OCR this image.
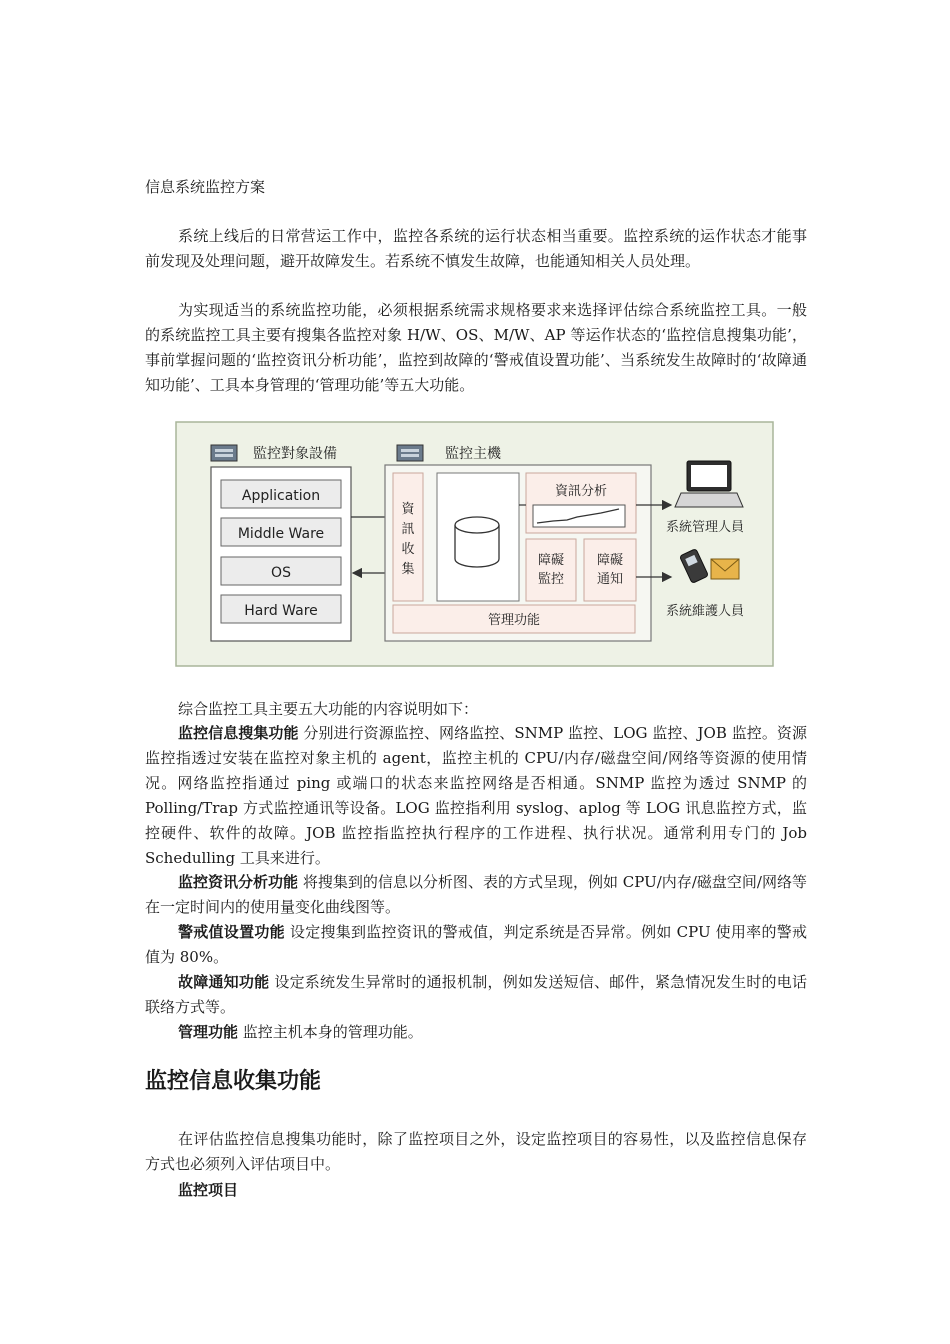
信息系统监控方案

系统上线后的日常营运工作中，监控各系统的运行状态相当重要。监控系统的运作状态才能事前发现及处理问题，避开故障发生。若系统不慎发生故障，也能通知相关人员处理。

为实现适当的系统监控功能，必须根据系统需求规格要求来选择评估综合系统监控工具。一般的系统监控工具主要有搜集各监控对象 H/W、OS、M/W、AP 等运作状态的‘监控信息搜集功能’，事前掌握问题的‘监控资讯分析功能’，监控到故障的‘警戒值设置功能’、当系统发生故障时的‘故障通知功能’、工具本身管理的‘管理功能’等五大功能。

综合监控工具主要五大功能的内容说明如下：

监控信息搜集功能 分别进行资源监控、网络监控、SNMP 监控、LOG 监控、JOB 监控。资源监控指透过安装在监控对象主机的 agent，监控主机的 CPU/内存/磁盘空间/网络等资源的使用情况。网络监控指通过 ping 或端口的状态来监控网络是否相通。SNMP 监控为透过 SNMP 的 Polling/Trap 方式监控通讯等设备。LOG 监控指利用 syslog、aplog 等 LOG 讯息监控方式，监控硬件、软件的故障。JOB 监控指监控执行程序的工作进程、执行状况。通常利用专门的 Job Schedulling 工具来进行。

监控资讯分析功能 将搜集到的信息以分析图、表的方式呈现，例如 CPU/内存/磁盘空间/网络等在一定时间内的使用量变化曲线图等。

警戒值设置功能 设定搜集到监控资讯的警戒值，判定系统是否异常。例如 CPU 使用率的警戒值为 80%。

故障通知功能 设定系统发生异常时的通报机制，例如发送短信、邮件，紧急情况发生时的电话联络方式等。

管理功能 监控主机本身的管理功能。

监控信息收集功能

在评估监控信息搜集功能时，除了监控项目之外，设定监控项目的容易性，以及监控信息保存方式也必须列入评估项目中。

监控项目

監控對象設備
Application
Middle Ware
OS
Hard Ware
監控主機
資
訊
收
集
資訊分析
障礙
監控
障礙
通知
管理功能
系統管理人員
系統維護人員
